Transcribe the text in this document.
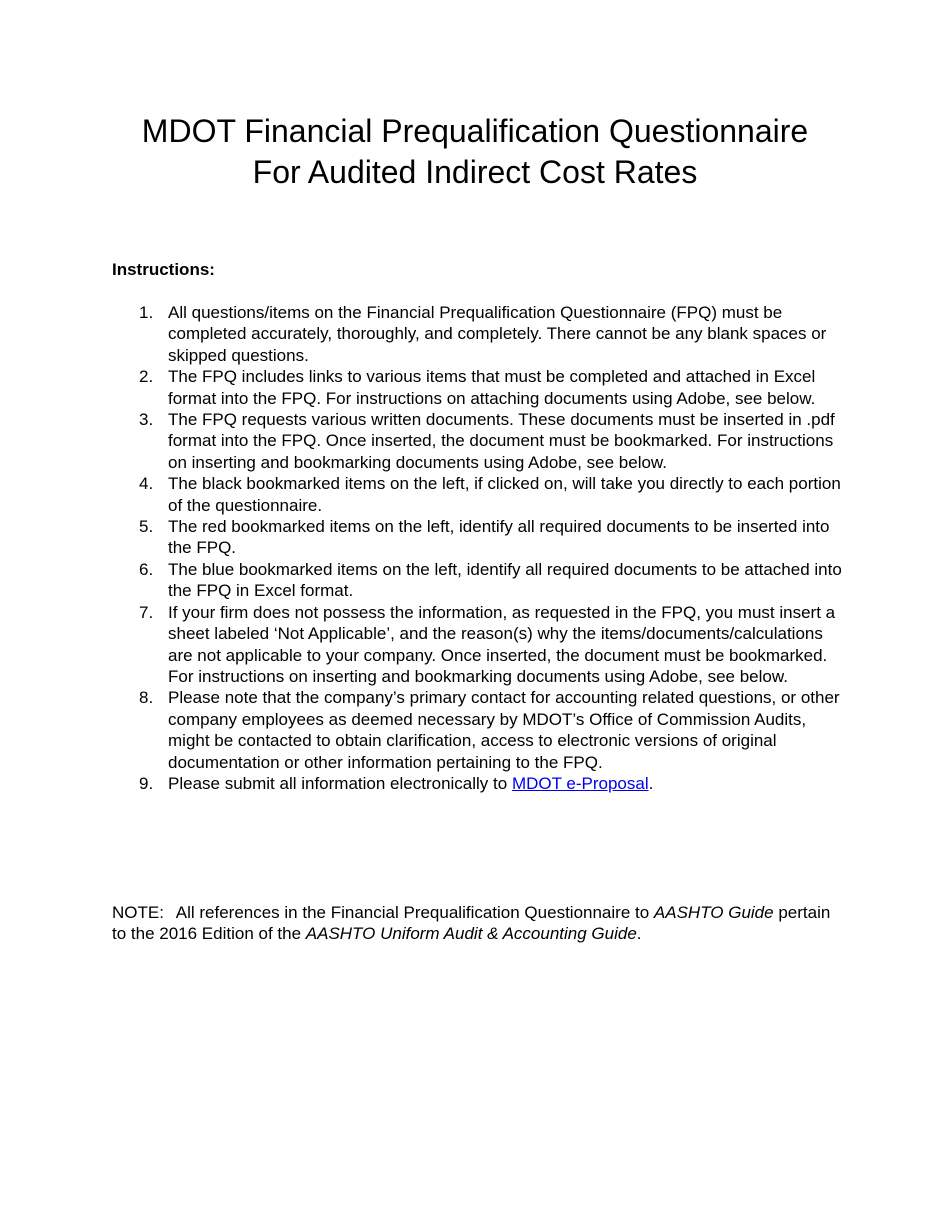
MDOT Financial Prequalification Questionnaire
For Audited Indirect Cost Rates
Instructions:
1. All questions/items on the Financial Prequalification Questionnaire (FPQ) must be completed accurately, thoroughly, and completely. There cannot be any blank spaces or skipped questions.
2. The FPQ includes links to various items that must be completed and attached in Excel format into the FPQ. For instructions on attaching documents using Adobe, see below.
3. The FPQ requests various written documents. These documents must be inserted in .pdf format into the FPQ. Once inserted, the document must be bookmarked. For instructions on inserting and bookmarking documents using Adobe, see below.
4. The black bookmarked items on the left, if clicked on, will take you directly to each portion of the questionnaire.
5. The red bookmarked items on the left, identify all required documents to be inserted into the FPQ.
6. The blue bookmarked items on the left, identify all required documents to be attached into the FPQ in Excel format.
7. If your firm does not possess the information, as requested in the FPQ, you must insert a sheet labeled ‘Not Applicable’, and the reason(s) why the items/documents/calculations are not applicable to your company. Once inserted, the document must be bookmarked. For instructions on inserting and bookmarking documents using Adobe, see below.
8. Please note that the company’s primary contact for accounting related questions, or other company employees as deemed necessary by MDOT’s Office of Commission Audits, might be contacted to obtain clarification, access to electronic versions of original documentation or other information pertaining to the FPQ.
9. Please submit all information electronically to MDOT e-Proposal.
NOTE: All references in the Financial Prequalification Questionnaire to AASHTO Guide pertain to the 2016 Edition of the AASHTO Uniform Audit & Accounting Guide.
